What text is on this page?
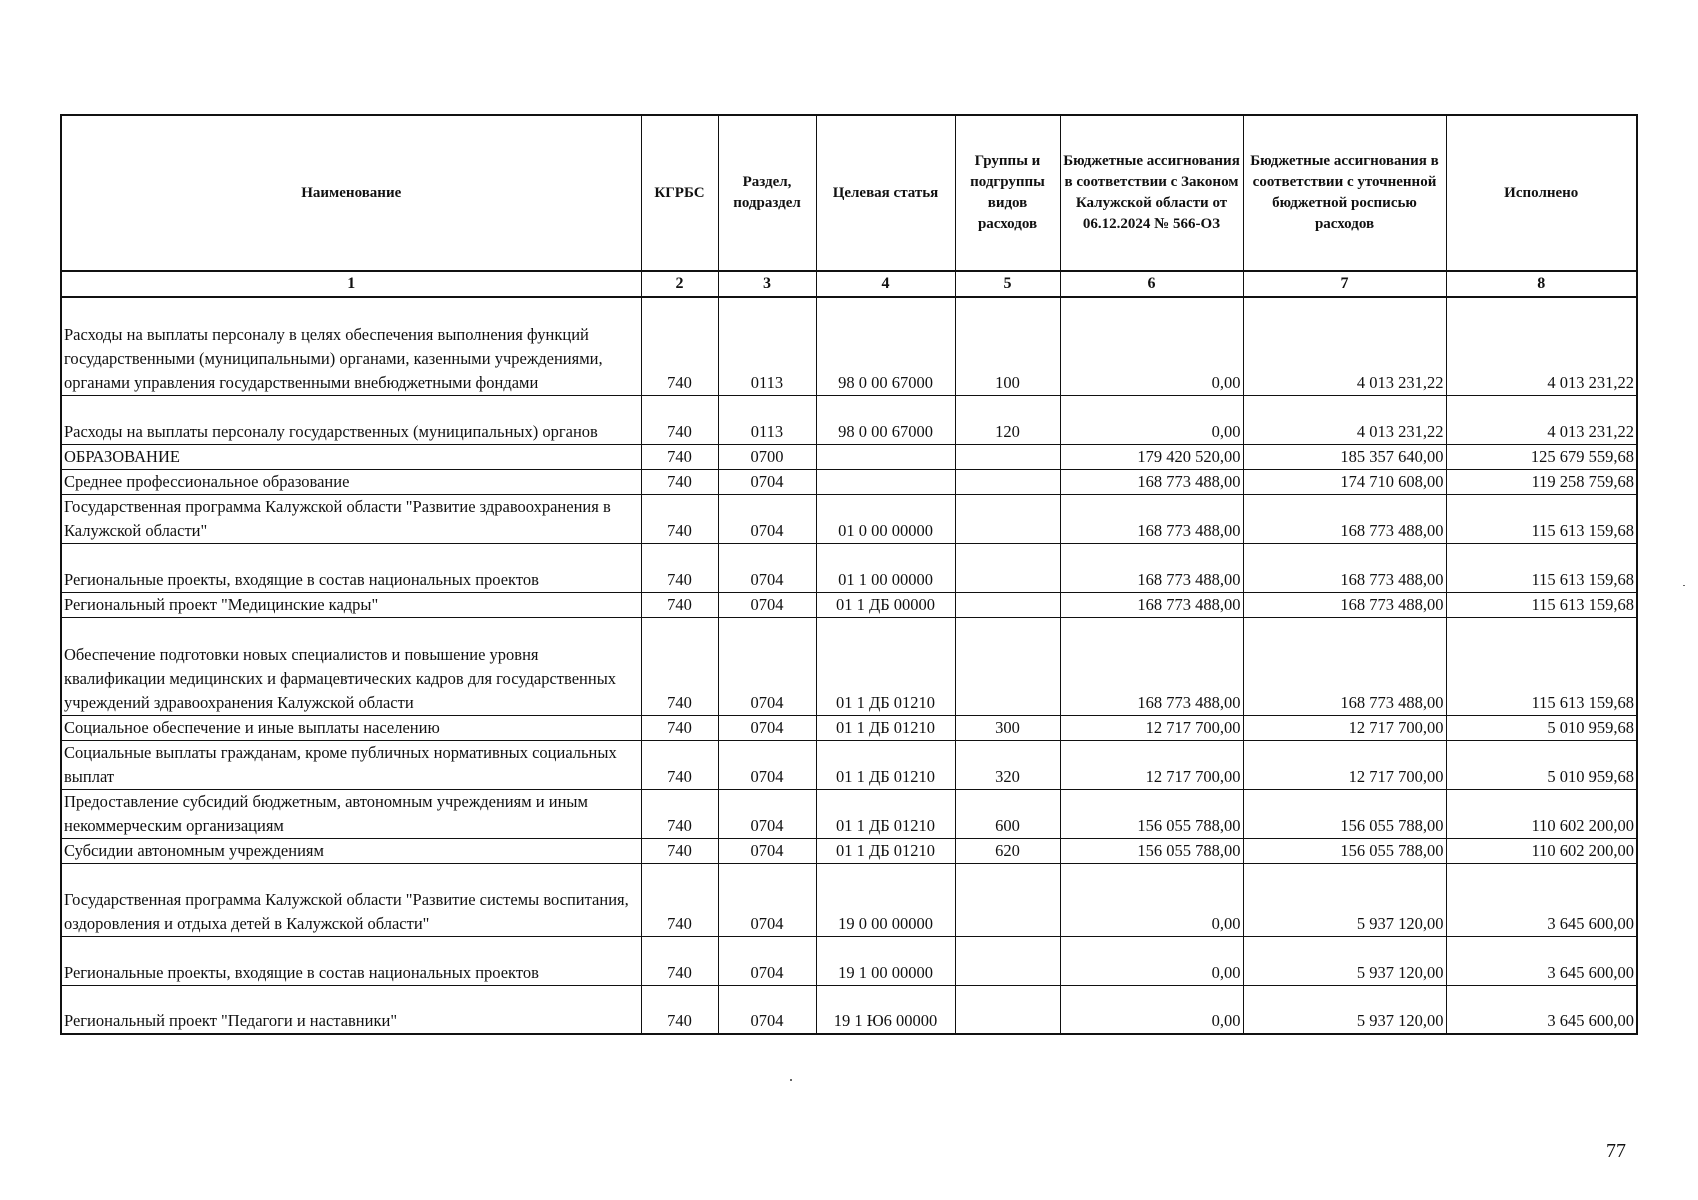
Наименование	КГРБС	Раздел, подраздел	Целевая статья	Группы и подгруппы видов расходов	Бюджетные ассигнования в соответствии с Законом Калужской области от 06.12.2024 № 566-ОЗ	Бюджетные ассигнования в соответствии с уточненной бюджетной росписью расходов	Исполнено
1	2	3	4	5	6	7	8
Расходы на выплаты персоналу в целях обеспечения выполнения функций государственными (муниципальными) органами, казенными учреждениями, органами управления государственными внебюджетными фондами	740	0113	98 0 00 67000	100	0,00	4 013 231,22	4 013 231,22
Расходы на выплаты персоналу государственных (муниципальных) органов	740	0113	98 0 00 67000	120	0,00	4 013 231,22	4 013 231,22
ОБРАЗОВАНИЕ	740	0700			179 420 520,00	185 357 640,00	125 679 559,68
Среднее профессиональное образование	740	0704			168 773 488,00	174 710 608,00	119 258 759,68
Государственная программа Калужской области "Развитие здравоохранения в Калужской области"	740	0704	01 0 00 00000		168 773 488,00	168 773 488,00	115 613 159,68
Региональные проекты, входящие в состав национальных проектов	740	0704	01 1 00 00000		168 773 488,00	168 773 488,00	115 613 159,68
Региональный проект "Медицинские кадры"	740	0704	01 1 ДБ 00000		168 773 488,00	168 773 488,00	115 613 159,68
Обеспечение подготовки новых специалистов и повышение уровня квалификации медицинских и фармацевтических кадров для государственных учреждений здравоохранения Калужской области	740	0704	01 1 ДБ 01210		168 773 488,00	168 773 488,00	115 613 159,68
Социальное обеспечение и иные выплаты населению	740	0704	01 1 ДБ 01210	300	12 717 700,00	12 717 700,00	5 010 959,68
Социальные выплаты гражданам, кроме публичных нормативных социальных выплат	740	0704	01 1 ДБ 01210	320	12 717 700,00	12 717 700,00	5 010 959,68
Предоставление субсидий бюджетным, автономным учреждениям и иным некоммерческим организациям	740	0704	01 1 ДБ 01210	600	156 055 788,00	156 055 788,00	110 602 200,00
Субсидии автономным учреждениям	740	0704	01 1 ДБ 01210	620	156 055 788,00	156 055 788,00	110 602 200,00
Государственная программа Калужской области "Развитие системы воспитания, оздоровления и отдыха детей в Калужской области"	740	0704	19 0 00 00000		0,00	5 937 120,00	3 645 600,00
Региональные проекты, входящие в состав национальных проектов	740	0704	19 1 00 00000		0,00	5 937 120,00	3 645 600,00
Региональный проект "Педагоги и наставники"	740	0704	19 1 Ю6 00000		0,00	5 937 120,00	3 645 600,00
77
